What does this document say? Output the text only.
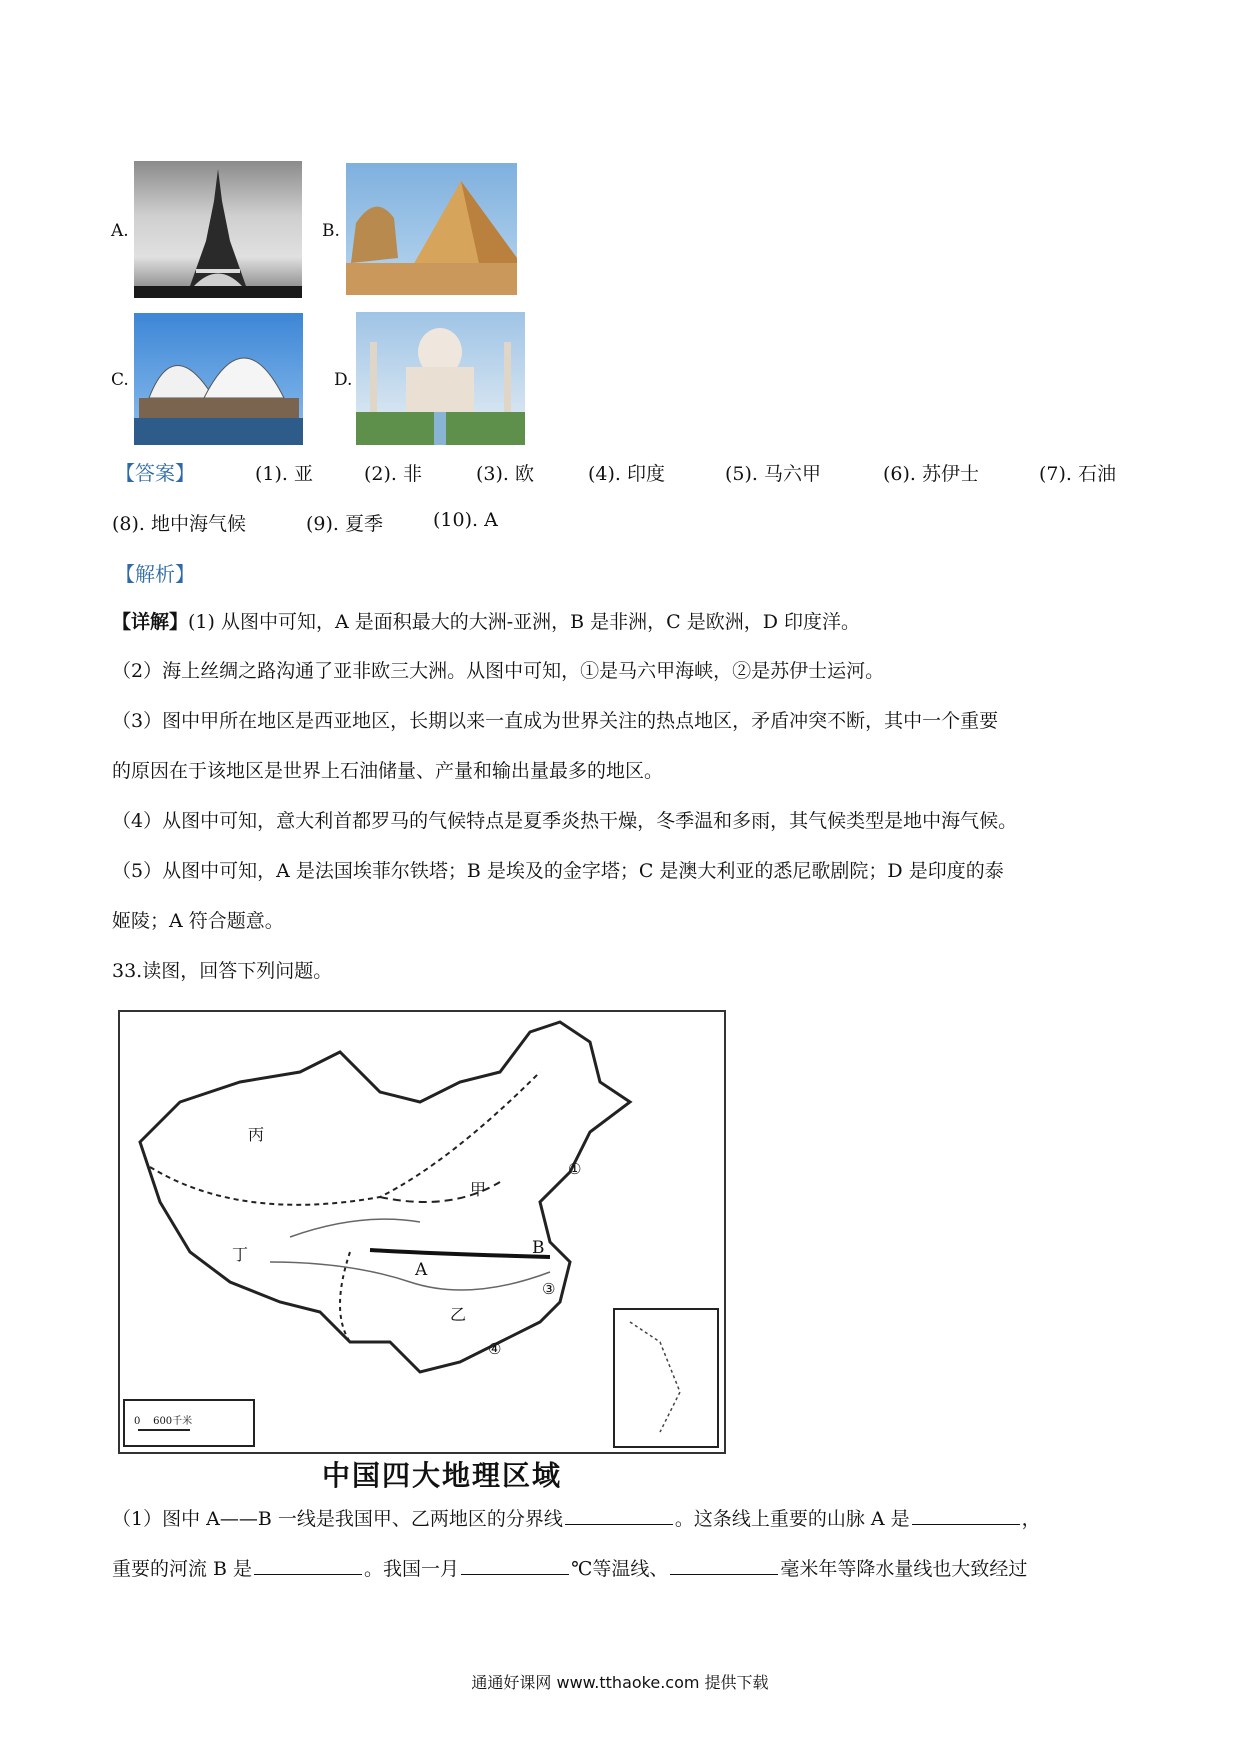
A.	B.
C.	D.
【答案】	(1). 亚	(2). 非	(3). 欧	(4). 印度	(5). 马六甲	(6). 苏伊士	(7). 石油
(8). 地中海气候	(9). 夏季	(10). A
【解析】
【详解】(1) 从图中可知，A 是面积最大的大洲-亚洲，B 是非洲，C 是欧洲，D 印度洋。
（2）海上丝绸之路沟通了亚非欧三大洲。从图中可知，①是马六甲海峡，②是苏伊士运河。
（3）图中甲所在地区是西亚地区，长期以来一直成为世界关注的热点地区，矛盾冲突不断，其中一个重要
的原因在于该地区是世界上石油储量、产量和输出量最多的地区。
（4）从图中可知，意大利首都罗马的气候特点是夏季炎热干燥，冬季温和多雨，其气候类型是地中海气候。
（5）从图中可知，A 是法国埃菲尔铁塔；B 是埃及的金字塔；C 是澳大利亚的悉尼歌剧院；D 是印度的泰
姬陵；A 符合题意。
33.读图，回答下列问题。
丙
甲
乙
丁
A
B
①
③
④
0    600千米
中国四大地理区域
（1）图中 A——B 一线是我国甲、乙两地区的分界线	。这条线上重要的山脉 A 是	，
重要的河流 B 是	。我国一月	℃等温线、	毫米年等降水量线也大致经过
通通好课网 www.tthaoke.com 提供下载
